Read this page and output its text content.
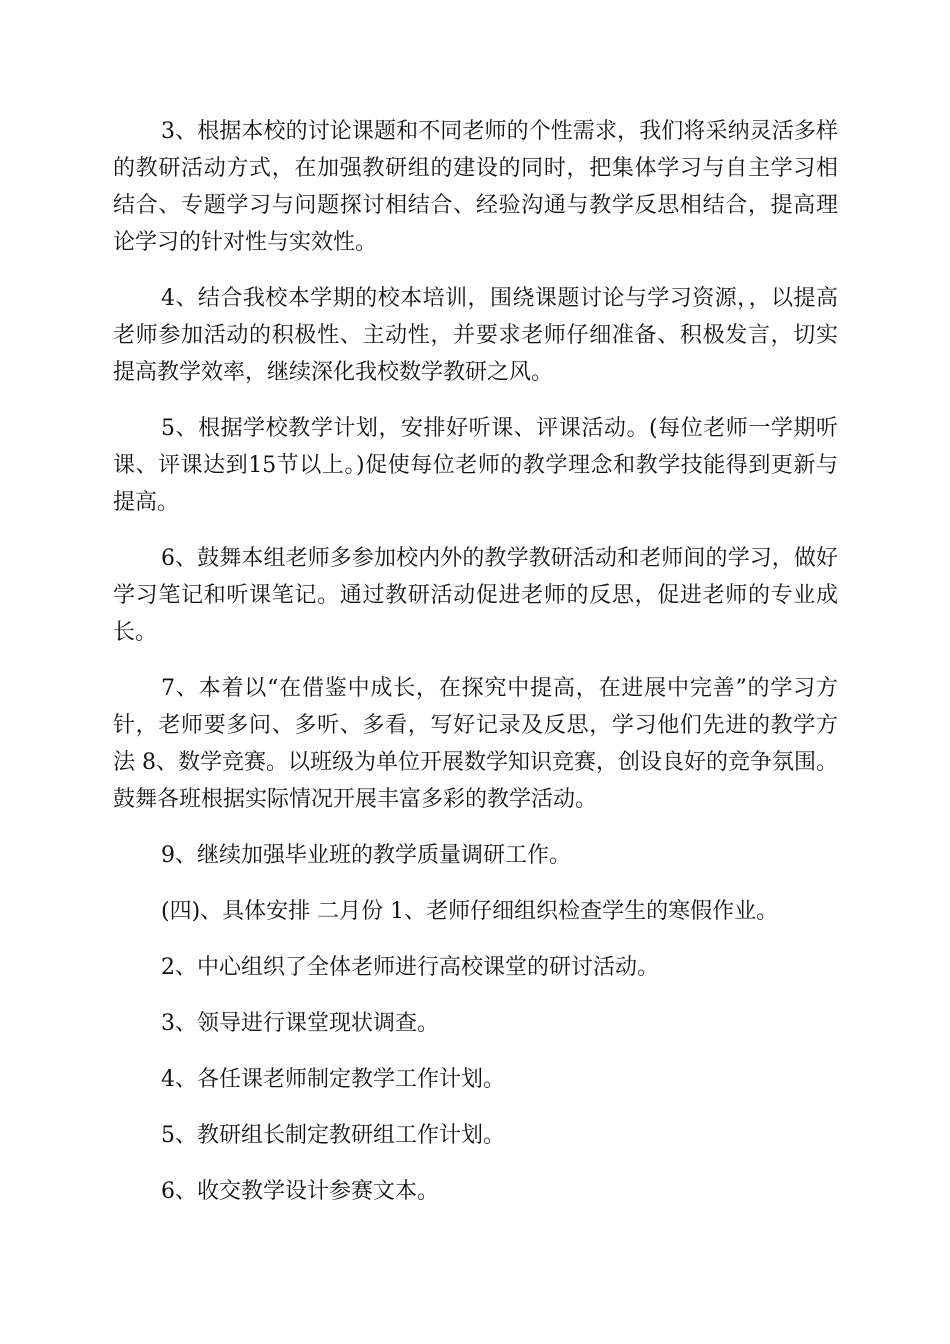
3、根据本校的讨论课题和不同老师的个性需求，我们将采纳灵活多样的教研活动方式，在加强教研组的建设的同时，把集体学习与自主学习相结合、专题学习与问题探讨相结合、经验沟通与教学反思相结合，提高理论学习的针对性与实效性。

4、结合我校本学期的校本培训，围绕课题讨论与学习资源，，以提高老师参加活动的积极性、主动性，并要求老师仔细准备、积极发言，切实提高教学效率，继续深化我校数学教研之风。

5、根据学校教学计划，安排好听课、评课活动。(每位老师一学期听课、评课达到15节以上。)促使每位老师的教学理念和教学技能得到更新与提高。

6、鼓舞本组老师多参加校内外的教学教研活动和老师间的学习，做好学习笔记和听课笔记。通过教研活动促进老师的反思，促进老师的专业成长。

7、本着以“在借鉴中成长，在探究中提高，在进展中完善”的学习方针，老师要多问、多听、多看，写好记录及反思，学习他们先进的教学方法 8、数学竞赛。以班级为单位开展数学知识竞赛，创设良好的竞争氛围。鼓舞各班根据实际情况开展丰富多彩的教学活动。

9、继续加强毕业班的教学质量调研工作。

(四)、具体安排 二月份 1、老师仔细组织检查学生的寒假作业。

2、中心组织了全体老师进行高校课堂的研讨活动。

3、领导进行课堂现状调查。

4、各任课老师制定教学工作计划。

5、教研组长制定教研组工作计划。

6、收交教学设计参赛文本。
